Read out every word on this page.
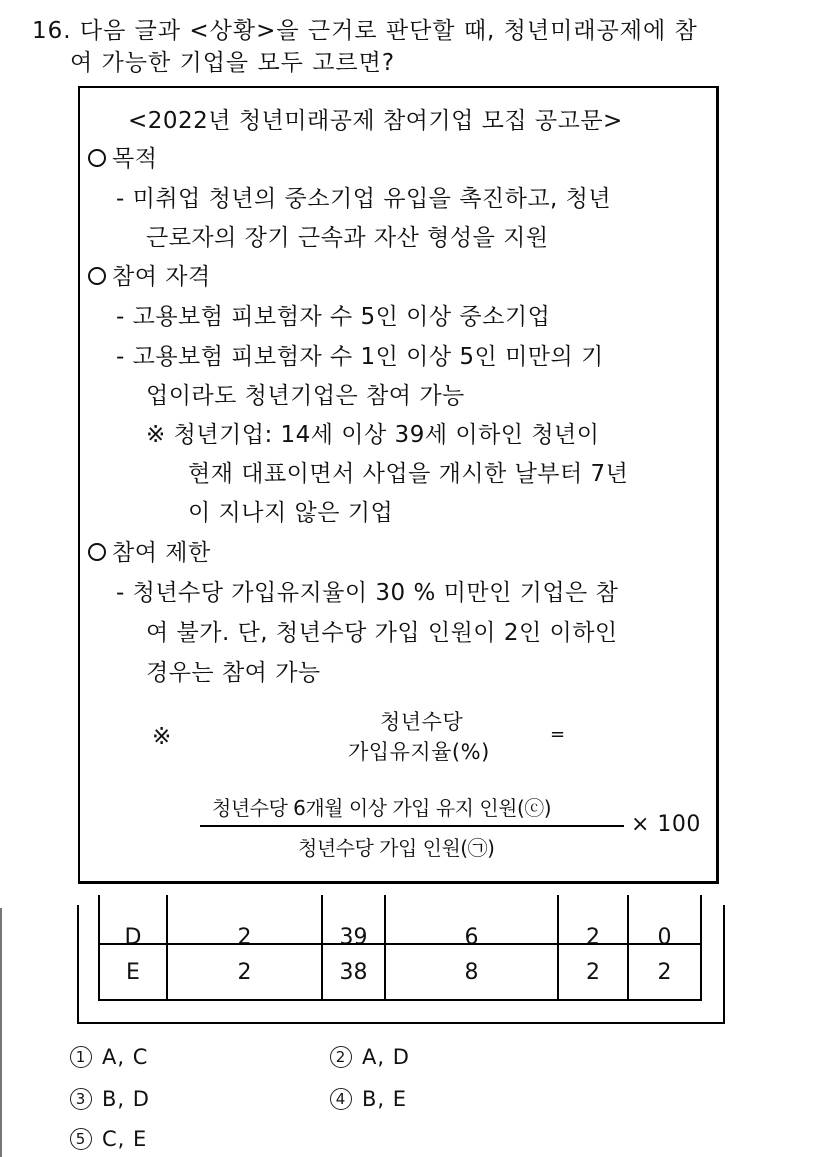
16. 다음 글과 <상황>을 근거로 판단할 때, 청년미래공제에 참
여 가능한 기업을 모두 고르면?
<2022년 청년미래공제 참여기업 모집 공고문>
목적
- 미취업 청년의 중소기업 유입을 촉진하고, 청년
근로자의 장기 근속과 자산 형성을 지원
참여 자격
- 고용보험 피보험자 수 5인 이상 중소기업
- 고용보험 피보험자 수 1인 이상 5인 미만의 기
업이라도 청년기업은 참여 가능
※ 청년기업: 14세 이상 39세 이하인 청년이
현재 대표이면서 사업을 개시한 날부터 7년
이 지나지 않은 기업
참여 제한
- 청년수당 가입유지율이 30 % 미만인 기업은 참
여 불가. 단, 청년수당 가입 인원이 2인 이하인
경우는 참여 가능
※
청년수당
가입유지율(%)
=
청년수당 6개월 이상 가입 유지 인원(ⓒ)
청년수당 가입 인원(㉠)
× 100
D	2	39	6	2	0

E	2	38	8	2	2
1 A, C	2 A, D
3 B, D	4 B, E
5 C, E
